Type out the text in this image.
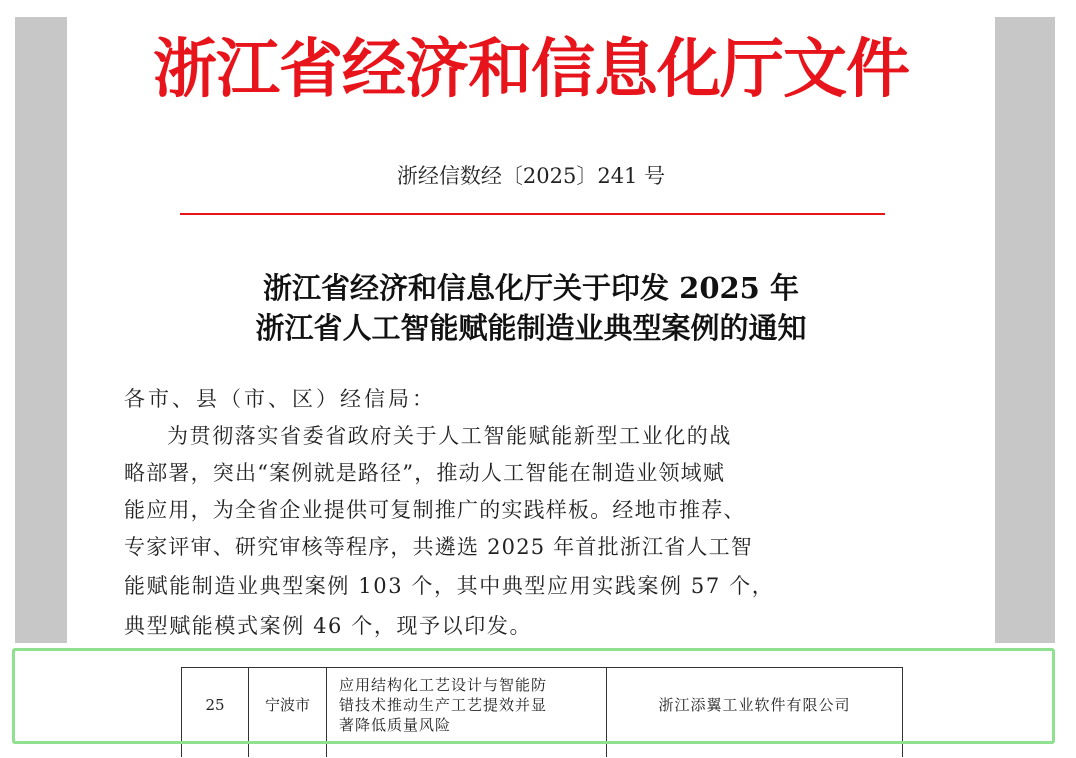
浙江省经济和信息化厅文件
浙经信数经〔2025〕241 号
浙江省经济和信息化厅关于印发 2025 年
浙江省人工智能赋能制造业典型案例的通知
各市、县（市、区）经信局：
为贯彻落实省委省政府关于人工智能赋能新型工业化的战
略部署，突出“案例就是路径”，推动人工智能在制造业领域赋
能应用，为全省企业提供可复制推广的实践样板。经地市推荐、
专家评审、研究审核等程序，共遴选 2025 年首批浙江省人工智
能赋能制造业典型案例 103 个，其中典型应用实践案例 57 个，
典型赋能模式案例 46 个，现予以印发。
25	宁波市	应用结构化工艺设计与智能防
错技术推动生产工艺提效并显
著降低质量风险	浙江添翼工业软件有限公司
